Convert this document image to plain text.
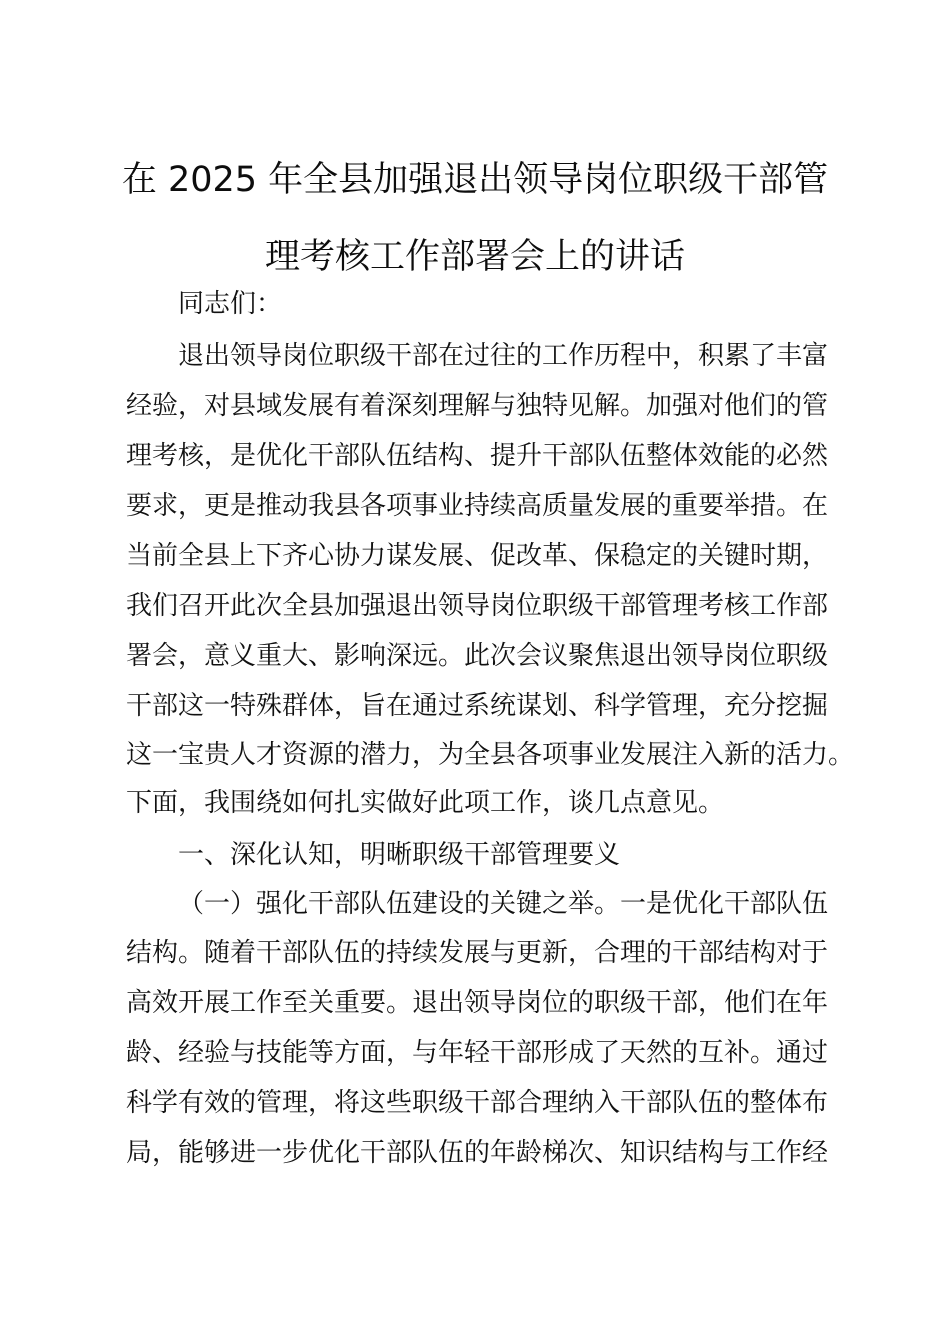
在 2025 年全县加强退出领导岗位职级干部管
理考核工作部署会上的讲话
同志们：
退出领导岗位职级干部在过往的工作历程中，积累了丰富
经验，对县域发展有着深刻理解与独特见解。加强对他们的管
理考核，是优化干部队伍结构、提升干部队伍整体效能的必然
要求，更是推动我县各项事业持续高质量发展的重要举措。在
当前全县上下齐心协力谋发展、促改革、保稳定的关键时期，
我们召开此次全县加强退出领导岗位职级干部管理考核工作部
署会，意义重大、影响深远。此次会议聚焦退出领导岗位职级
干部这一特殊群体，旨在通过系统谋划、科学管理，充分挖掘
这一宝贵人才资源的潜力，为全县各项事业发展注入新的活力。
下面，我围绕如何扎实做好此项工作，谈几点意见。
一、深化认知，明晰职级干部管理要义
（一）强化干部队伍建设的关键之举。一是优化干部队伍
结构。随着干部队伍的持续发展与更新，合理的干部结构对于
高效开展工作至关重要。退出领导岗位的职级干部，他们在年
龄、经验与技能等方面，与年轻干部形成了天然的互补。通过
科学有效的管理，将这些职级干部合理纳入干部队伍的整体布
局，能够进一步优化干部队伍的年龄梯次、知识结构与工作经
